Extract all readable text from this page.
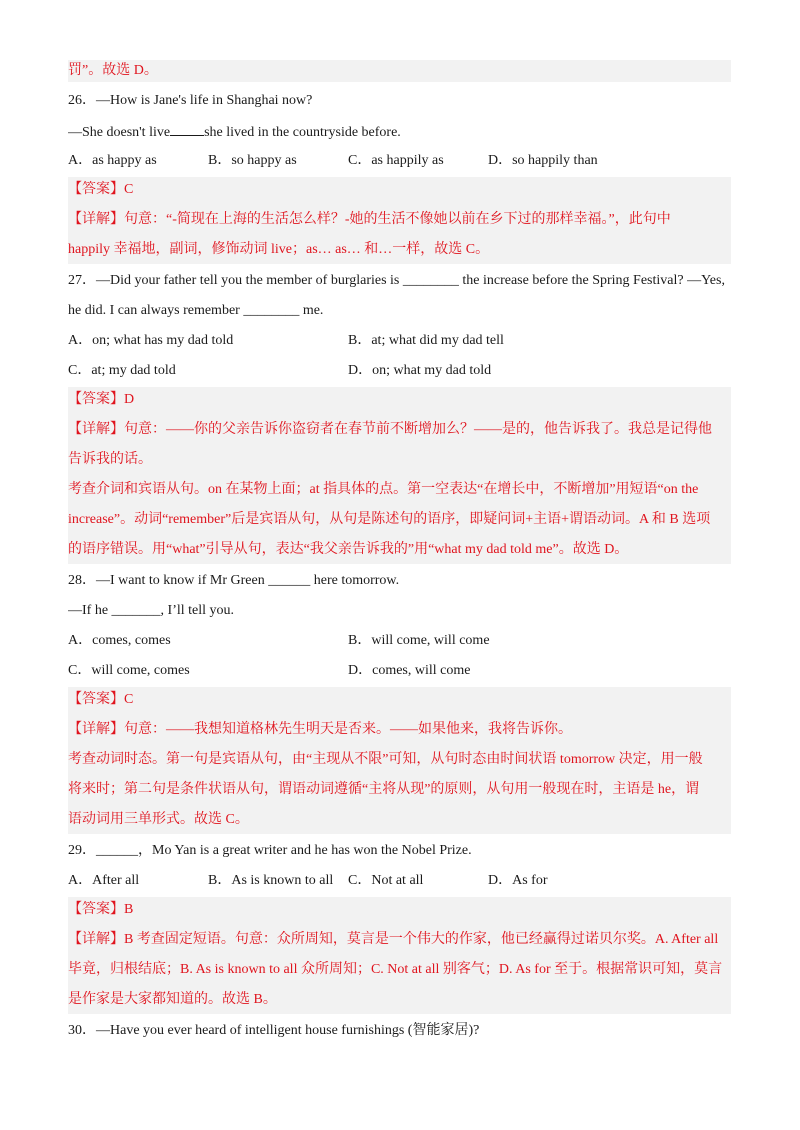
罚”。故选 D。
26．—How is Jane's life in Shanghai now?
—She doesn't live she lived in the countryside before.
A．as happy as	B．so happy as	C．as happily as	D．so happily than
【答案】C
【详解】句意：“-简现在上海的生活怎么样？-她的生活不像她以前在乡下过的那样幸福。”，此句中
happily 幸福地，副词，修饰动词 live；as… as… 和…一样，故选 C。
27．—Did your father tell you the member of burglaries is ________ the increase before the Spring Festival? —Yes,
he did. I can always remember ________ me.
A．on; what has my dad told	B．at; what did my dad tell
C．at; my dad told	D．on; what my dad told
【答案】D
【详解】句意：——你的父亲告诉你盗窃者在春节前不断增加么？——是的，他告诉我了。我总是记得他
告诉我的话。
考查介词和宾语从句。on 在某物上面；at 指具体的点。第一空表达“在增长中，不断增加”用短语“on the
increase”。动词“remember”后是宾语从句，从句是陈述句的语序，即疑问词+主语+谓语动词。A 和 B 选项
的语序错误。用“what”引导从句，表达“我父亲告诉我的”用“what my dad told me”。故选 D。
28．—I want to know if Mr Green ______ here tomorrow.
—If he _______, I’ll tell you.
A．comes, comes	B．will come, will come
C．will come, comes	D．comes, will come
【答案】C
【详解】句意：——我想知道格林先生明天是否来。——如果他来，我将告诉你。
考查动词时态。第一句是宾语从句，由“主现从不限”可知，从句时态由时间状语 tomorrow 决定，用一般
将来时；第二句是条件状语从句，谓语动词遵循“主将从现”的原则，从句用一般现在时，主语是 he，谓
语动词用三单形式。故选 C。
29．______，Mo Yan is a great writer and he has won the Nobel Prize.
A．After all	B．As is known to all C．Not at all	D．As for
【答案】B
【详解】B 考查固定短语。句意：众所周知，莫言是一个伟大的作家，他已经赢得过诺贝尔奖。A. After all
毕竟，归根结底；B. As is known to all 众所周知；C. Not at all 别客气；D. As for 至于。根据常识可知，莫言
是作家是大家都知道的。故选 B。
30．—Have you ever heard of intelligent house furnishings (智能家居)?
